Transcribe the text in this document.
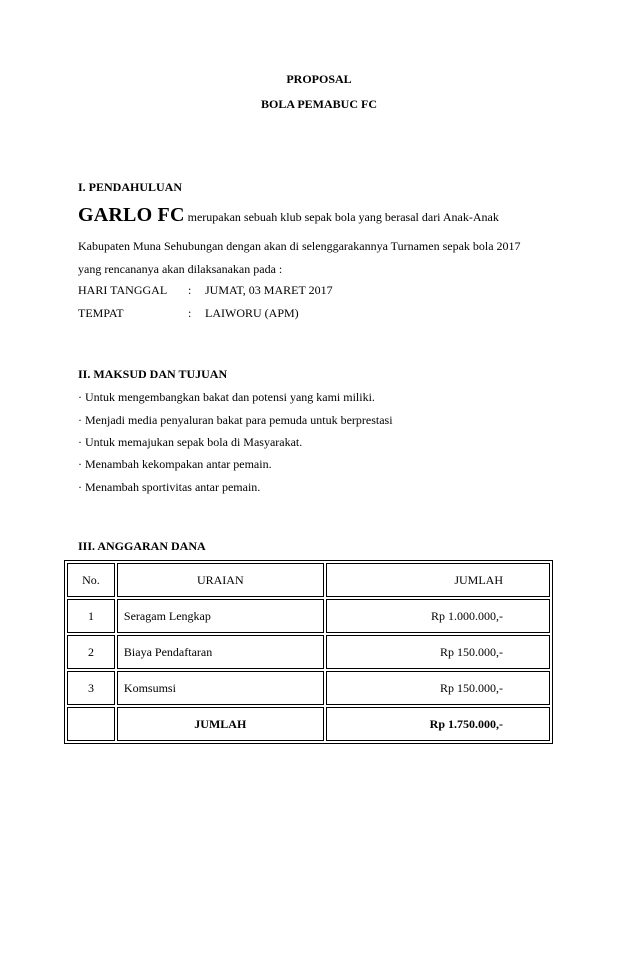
PROPOSAL
BOLA PEMABUC FC
I. PENDAHULUAN
GARLO FC merupakan sebuah klub sepak bola yang berasal dari Anak-Anak
Kabupaten Muna Sehubungan dengan akan di selenggarakannya Turnamen sepak bola 2017
yang rencananya akan dilaksanakan pada :
HARI TANGGAL : JUMAT, 03 MARET 2017
TEMPAT	: LAIWORU (APM)
II. MAKSUD DAN TUJUAN
· Untuk mengembangkan bakat dan potensi yang kami miliki.
· Menjadi media penyaluran bakat para pemuda untuk berprestasi
· Untuk memajukan sepak bola di Masyarakat.
· Menambah kekompakan antar pemain.
· Menambah sportivitas antar pemain.
III. ANGGARAN DANA
No.	URAIAN	JUMLAH
1	Seragam Lengkap	Rp 1.000.000,-
2	Biaya Pendaftaran	Rp 150.000,-
3	Komsumsi	Rp 150.000,-
	JUMLAH	Rp 1.750.000,-
